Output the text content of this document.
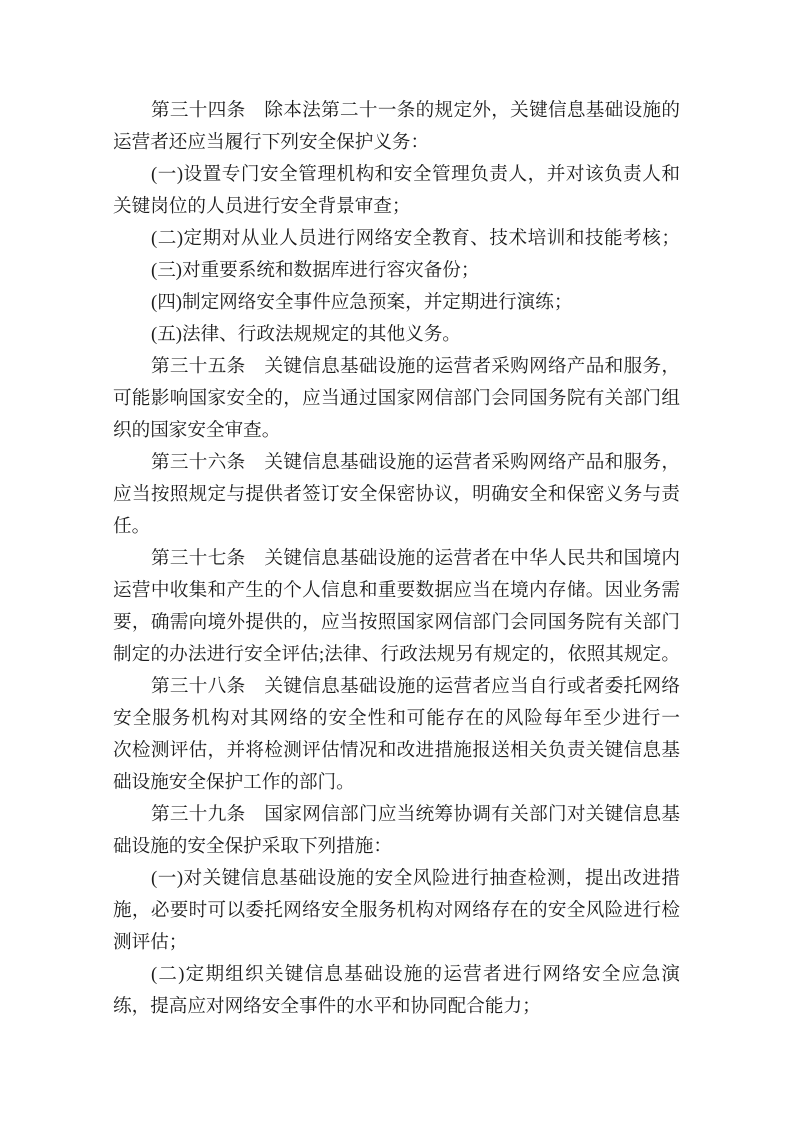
第三十四条　除本法第二十一条的规定外，关键信息基础设施的
运营者还应当履行下列安全保护义务：
(一)设置专门安全管理机构和安全管理负责人，并对该负责人和
关键岗位的人员进行安全背景审查；
(二)定期对从业人员进行网络安全教育、技术培训和技能考核；
(三)对重要系统和数据库进行容灾备份；
(四)制定网络安全事件应急预案，并定期进行演练；
(五)法律、行政法规规定的其他义务。
第三十五条　关键信息基础设施的运营者采购网络产品和服务，
可能影响国家安全的，应当通过国家网信部门会同国务院有关部门组
织的国家安全审查。
第三十六条　关键信息基础设施的运营者采购网络产品和服务，
应当按照规定与提供者签订安全保密协议，明确安全和保密义务与责
任。
第三十七条　关键信息基础设施的运营者在中华人民共和国境内
运营中收集和产生的个人信息和重要数据应当在境内存储。因业务需
要，确需向境外提供的，应当按照国家网信部门会同国务院有关部门
制定的办法进行安全评估;法律、行政法规另有规定的，依照其规定。
第三十八条　关键信息基础设施的运营者应当自行或者委托网络
安全服务机构对其网络的安全性和可能存在的风险每年至少进行一
次检测评估，并将检测评估情况和改进措施报送相关负责关键信息基
础设施安全保护工作的部门。
第三十九条　国家网信部门应当统筹协调有关部门对关键信息基
础设施的安全保护采取下列措施：
(一)对关键信息基础设施的安全风险进行抽查检测，提出改进措
施，必要时可以委托网络安全服务机构对网络存在的安全风险进行检
测评估；
(二)定期组织关键信息基础设施的运营者进行网络安全应急演
练，提高应对网络安全事件的水平和协同配合能力；
